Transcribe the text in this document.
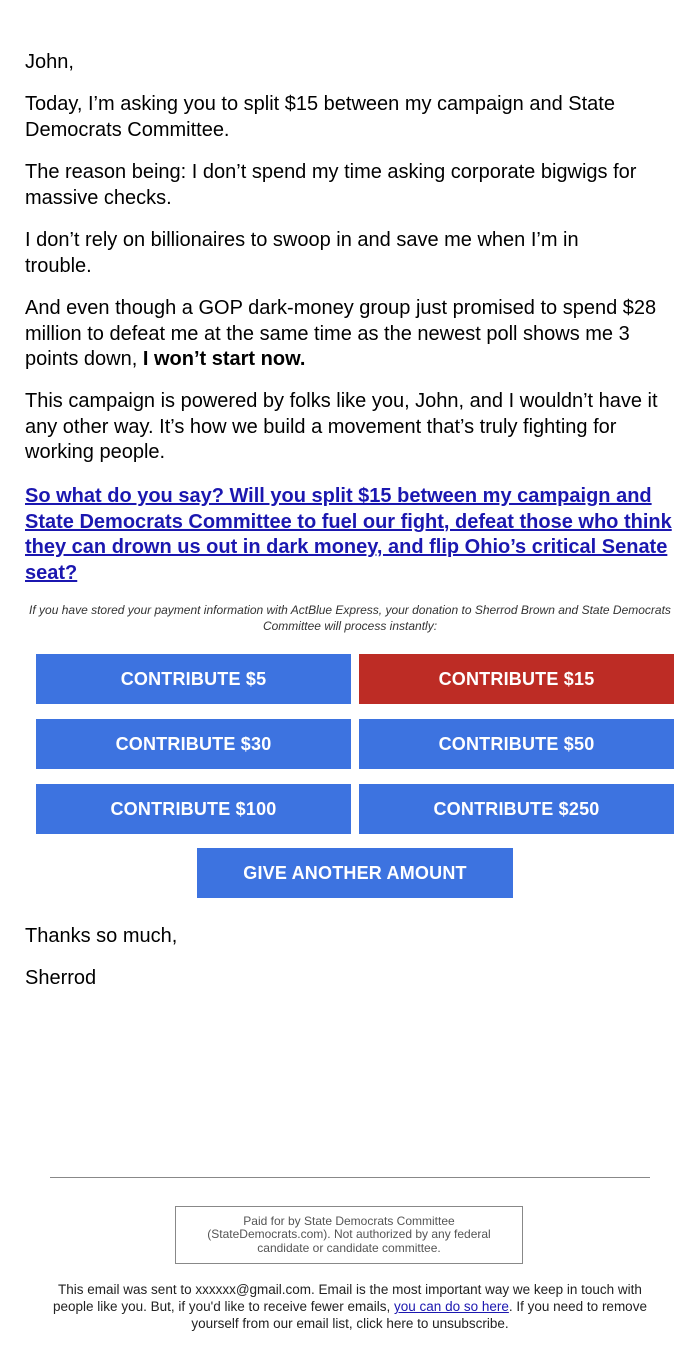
John,

Today, I’m asking you to split $15 between my campaign and State Democrats Committee.

The reason being: I don’t spend my time asking corporate bigwigs for massive checks.

I don’t rely on billionaires to swoop in and save me when I’m in trouble.

And even though a GOP dark-money group just promised to spend $28 million to defeat me at the same time as the newest poll shows me 3 points down, I won’t start now.

This campaign is powered by folks like you, John, and I wouldn’t have it any other way. It’s how we build a movement that’s truly fighting for working people.

So what do you say? Will you split $15 between my campaign and State Democrats Committee to fuel our fight, defeat those who think they can drown us out in dark money, and flip Ohio’s critical Senate seat?
If you have stored your payment information with ActBlue Express, your donation to Sherrod Brown and State Democrats Committee will process instantly:
CONTRIBUTE $5	CONTRIBUTE $15
CONTRIBUTE $30	CONTRIBUTE $50
CONTRIBUTE $100	CONTRIBUTE $250
GIVE ANOTHER AMOUNT
Thanks so much,
Sherrod
Paid for by State Democrats Committee (StateDemocrats.com). Not authorized by any federal candidate or candidate committee.
This email was sent to xxxxxx@gmail.com. Email is the most important way we keep in touch with people like you. But, if you'd like to receive fewer emails, you can do so here. If you need to remove yourself from our email list, click here to unsubscribe.
